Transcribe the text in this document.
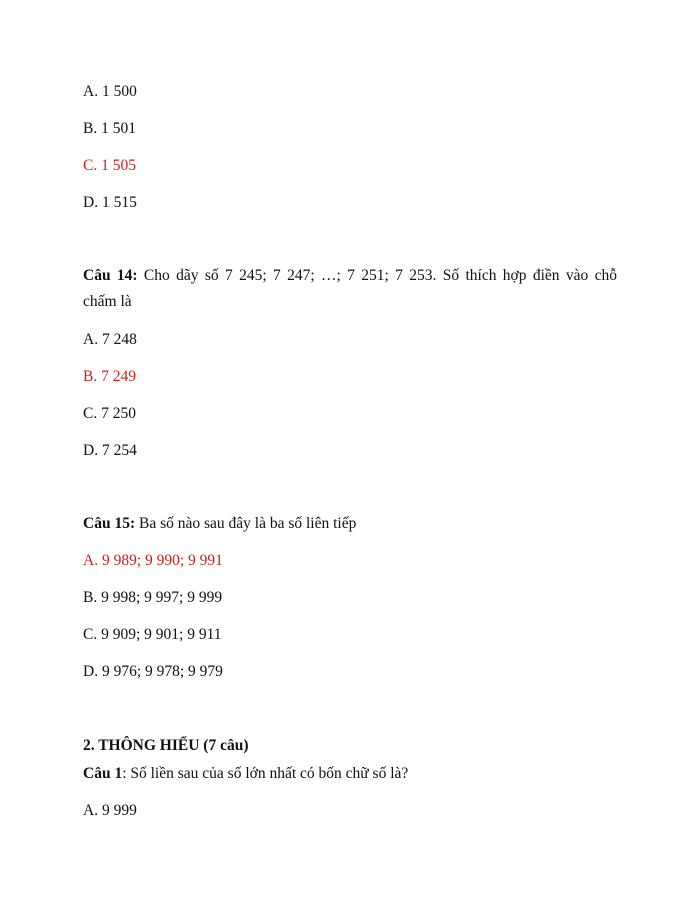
A. 1 500
B. 1 501
C. 1 505
D. 1 515
Câu 14: Cho dãy số 7 245; 7 247; …; 7 251; 7 253. Số thích hợp điền vào chỗ
chấm là
A. 7 248
B. 7 249
C. 7 250
D. 7 254
Câu 15: Ba số nào sau đây là ba số liên tiếp
A. 9 989; 9 990; 9 991
B. 9 998; 9 997; 9 999
C. 9 909; 9 901; 9 911
D. 9 976; 9 978; 9 979
2. THÔNG HIỂU (7 câu)
Câu 1: Số liền sau của số lớn nhất có bốn chữ số là?
A. 9 999
